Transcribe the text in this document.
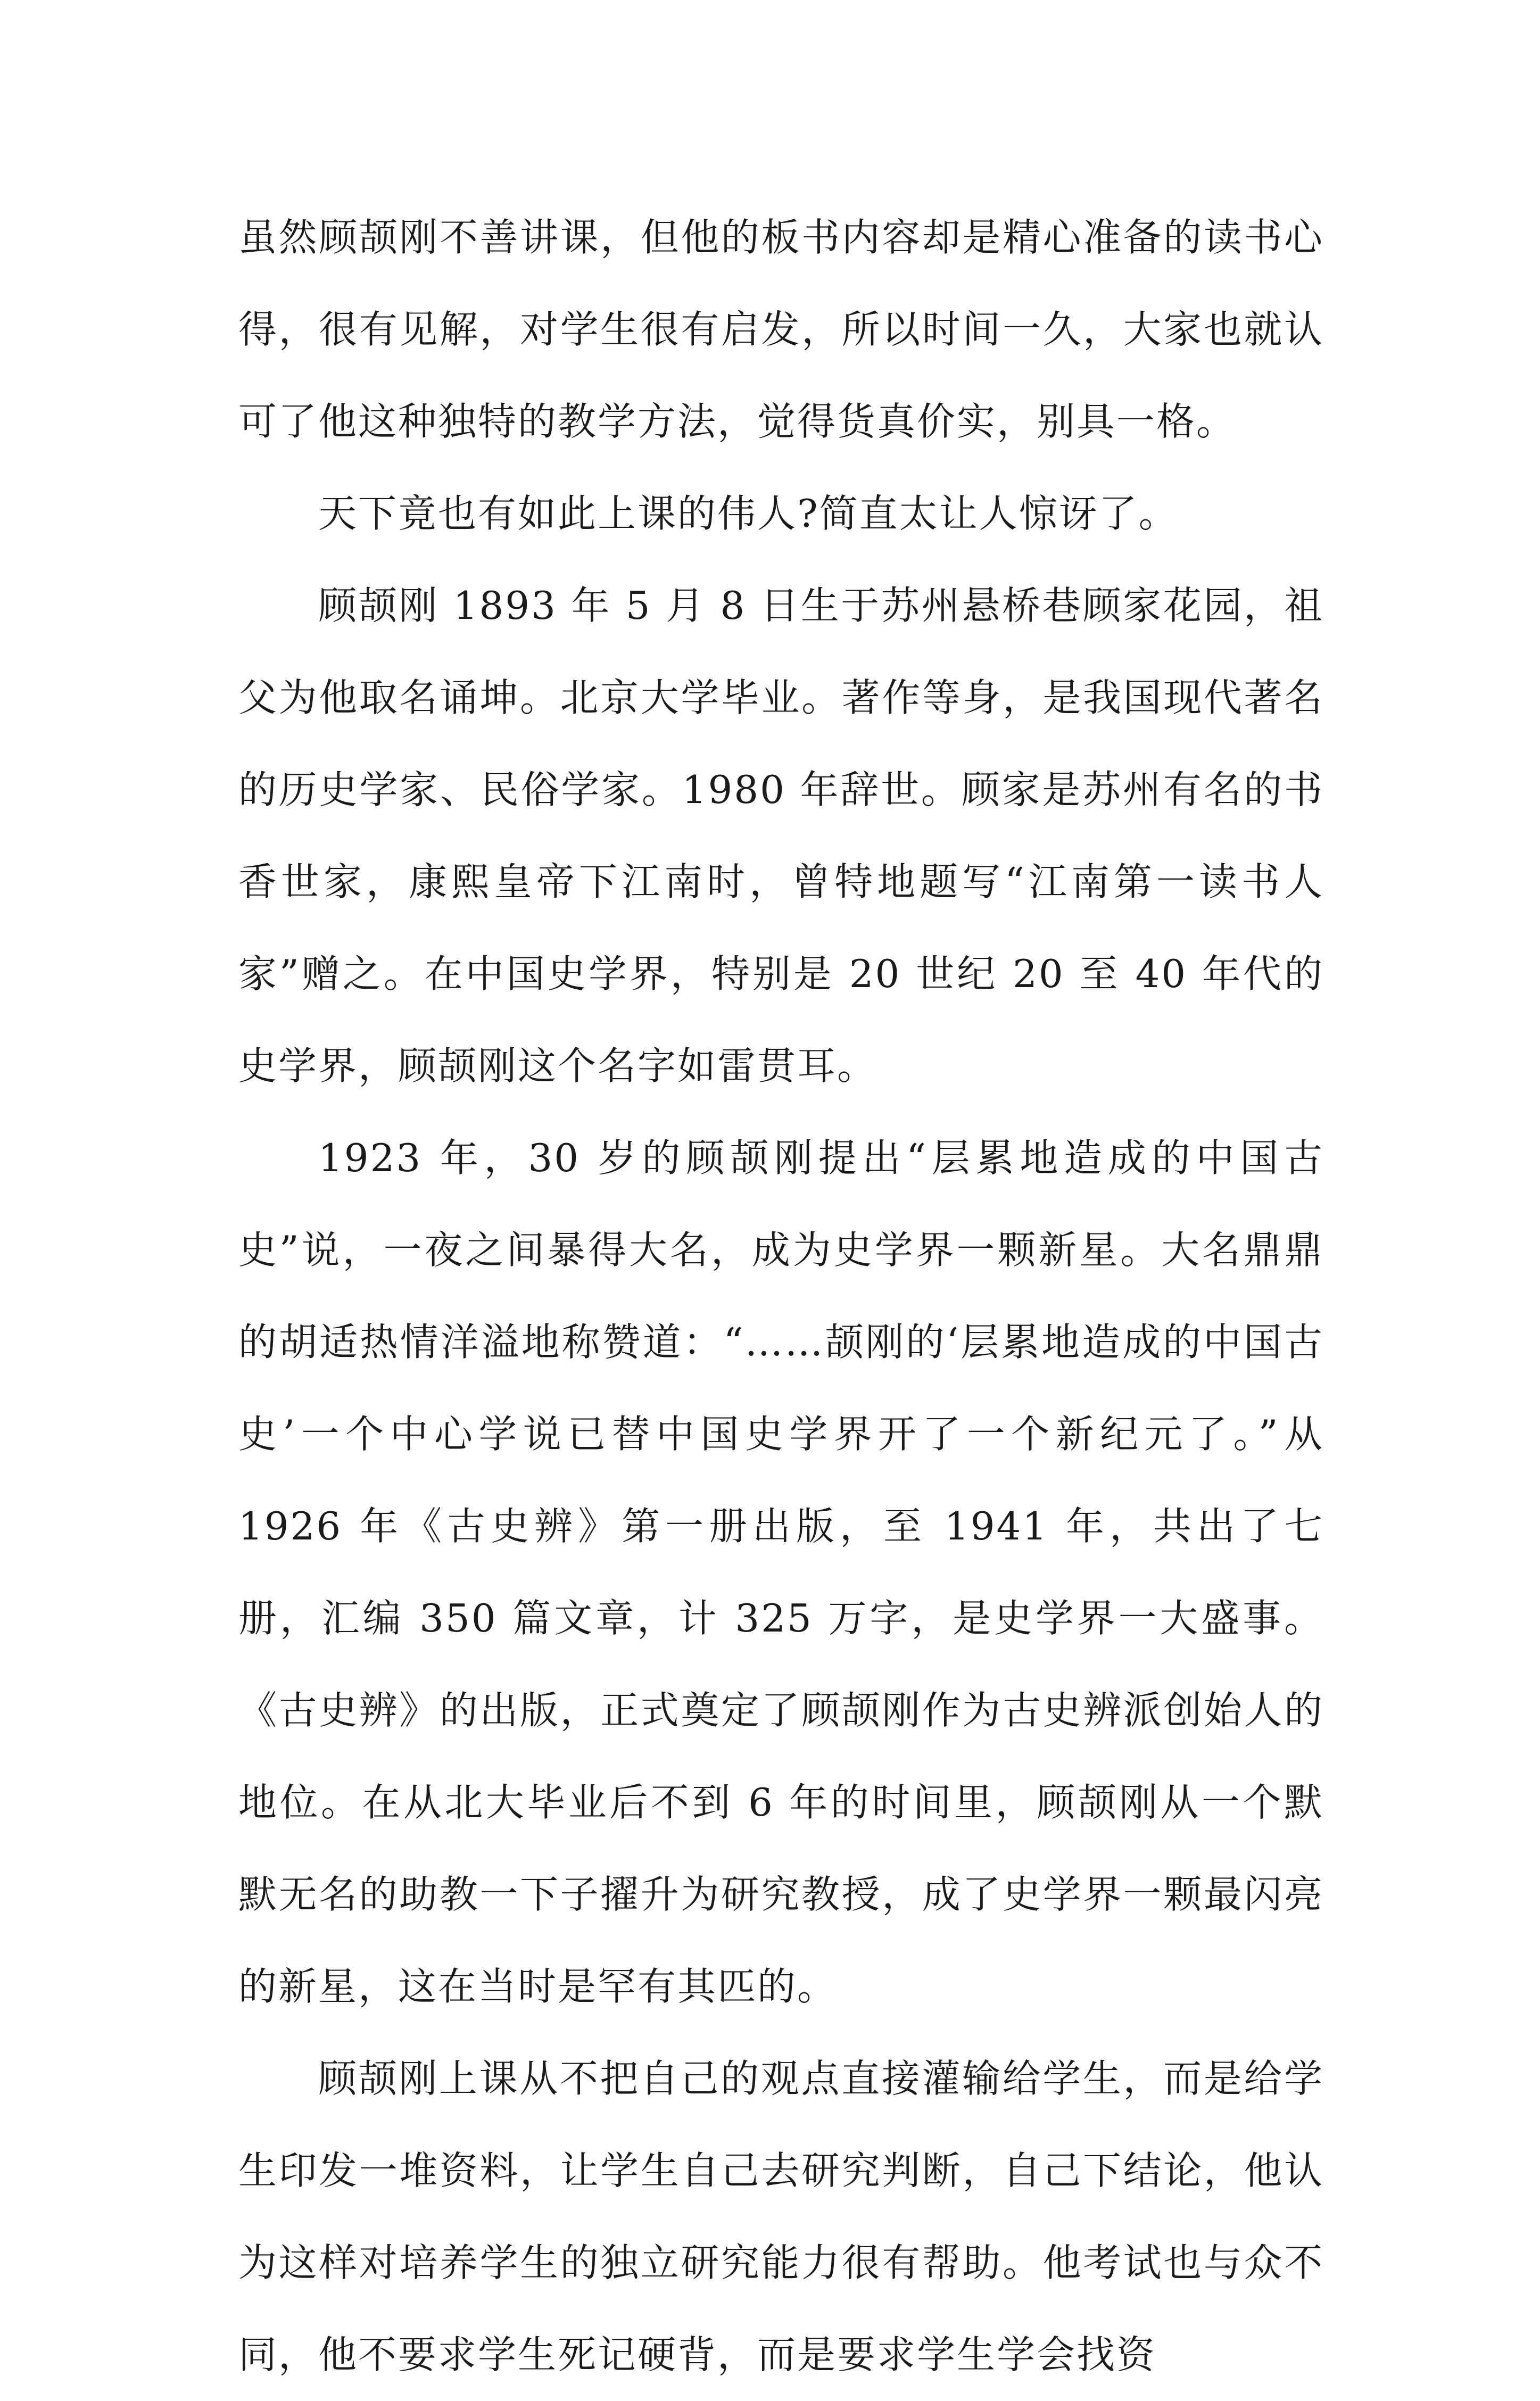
虽然顾颉刚不善讲课，但他的板书内容却是精心准备的读书心得，很有见解，对学生很有启发，所以时间一久，大家也就认可了他这种独特的教学方法，觉得货真价实，别具一格。

天下竟也有如此上课的伟人?简直太让人惊讶了。

顾颉刚 1893 年 5 月 8 日生于苏州悬桥巷顾家花园，祖父为他取名诵坤。北京大学毕业。著作等身，是我国现代著名的历史学家、民俗学家。1980 年辞世。顾家是苏州有名的书香世家，康熙皇帝下江南时，曾特地题写“江南第一读书人家”赠之。在中国史学界，特别是 20 世纪 20 至 40 年代的史学界，顾颉刚这个名字如雷贯耳。

1923 年，30 岁的顾颉刚提出“层累地造成的中国古史”说，一夜之间暴得大名，成为史学界一颗新星。大名鼎鼎的胡适热情洋溢地称赞道：“……颉刚的‘层累地造成的中国古史’一个中心学说已替中国史学界开了一个新纪元了。”从 1926 年《古史辨》第一册出版，至 1941 年，共出了七册，汇编 350 篇文章，计 325 万字，是史学界一大盛事。《古史辨》的出版，正式奠定了顾颉刚作为古史辨派创始人的地位。在从北大毕业后不到 6 年的时间里，顾颉刚从一个默默无名的助教一下子擢升为研究教授，成了史学界一颗最闪亮的新星，这在当时是罕有其匹的。

顾颉刚上课从不把自己的观点直接灌输给学生，而是给学生印发一堆资料，让学生自己去研究判断，自己下结论，他认为这样对培养学生的独立研究能力很有帮助。他考试也与众不同，他不要求学生死记硬背，而是要求学生学会找资
